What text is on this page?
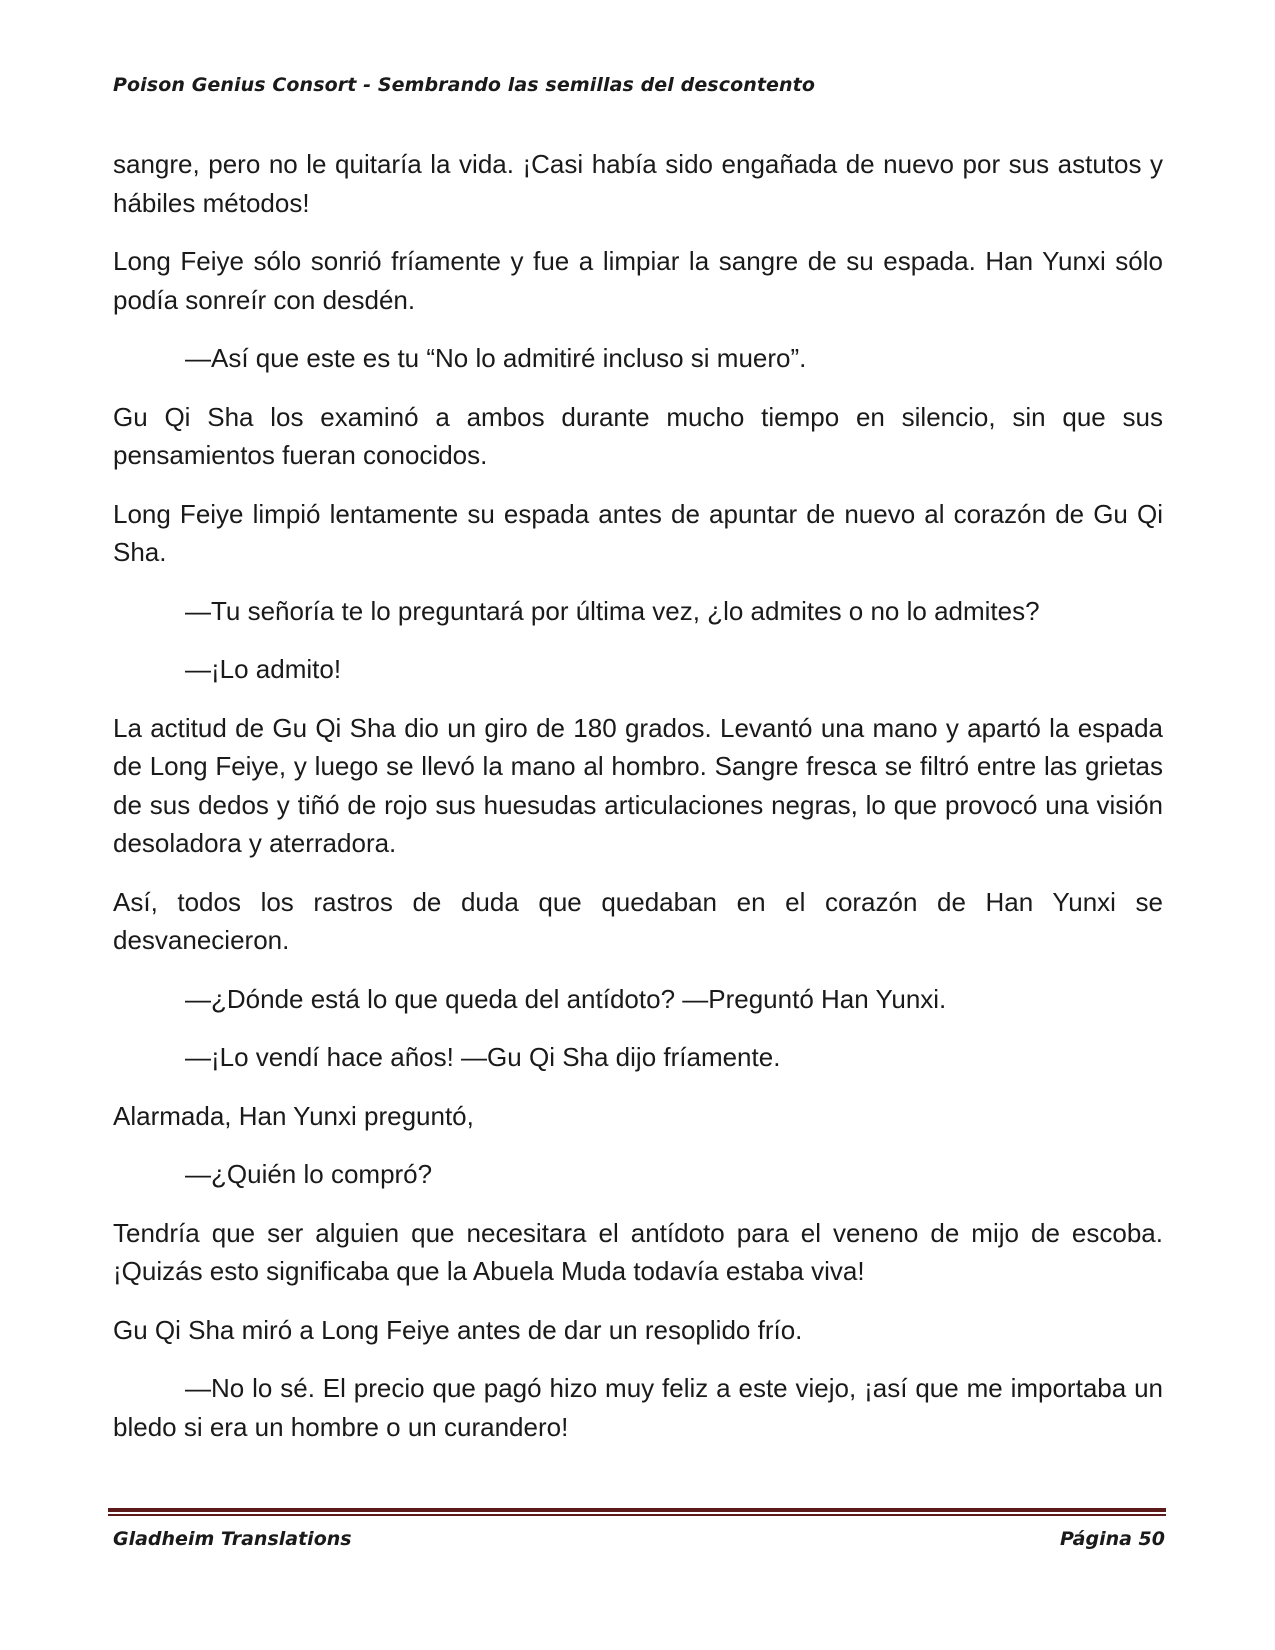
Poison Genius Consort - Sembrando las semillas del descontento

sangre, pero no le quitaría la vida. ¡Casi había sido engañada de nuevo por sus astutos y hábiles métodos!

Long Feiye sólo sonrió fríamente y fue a limpiar la sangre de su espada. Han Yunxi sólo podía sonreír con desdén.

—Así que este es tu “No lo admitiré incluso si muero”.

Gu Qi Sha los examinó a ambos durante mucho tiempo en silencio, sin que sus pensamientos fueran conocidos.

Long Feiye limpió lentamente su espada antes de apuntar de nuevo al corazón de Gu Qi Sha.

—Tu señoría te lo preguntará por última vez, ¿lo admites o no lo admites?

—¡Lo admito!

La actitud de Gu Qi Sha dio un giro de 180 grados. Levantó una mano y apartó la espada de Long Feiye, y luego se llevó la mano al hombro. Sangre fresca se filtró entre las grietas de sus dedos y tiñó de rojo sus huesudas articulaciones negras, lo que provocó una visión desoladora y aterradora.

Así, todos los rastros de duda que quedaban en el corazón de Han Yunxi se desvanecieron.

—¿Dónde está lo que queda del antídoto? —Preguntó Han Yunxi.

—¡Lo vendí hace años! —Gu Qi Sha dijo fríamente.

Alarmada, Han Yunxi preguntó,

—¿Quién lo compró?

Tendría que ser alguien que necesitara el antídoto para el veneno de mijo de escoba. ¡Quizás esto significaba que la Abuela Muda todavía estaba viva!

Gu Qi Sha miró a Long Feiye antes de dar un resoplido frío.

—No lo sé. El precio que pagó hizo muy feliz a este viejo, ¡así que me importaba un bledo si era un hombre o un curandero!

Gladheim Translations	Página 50
